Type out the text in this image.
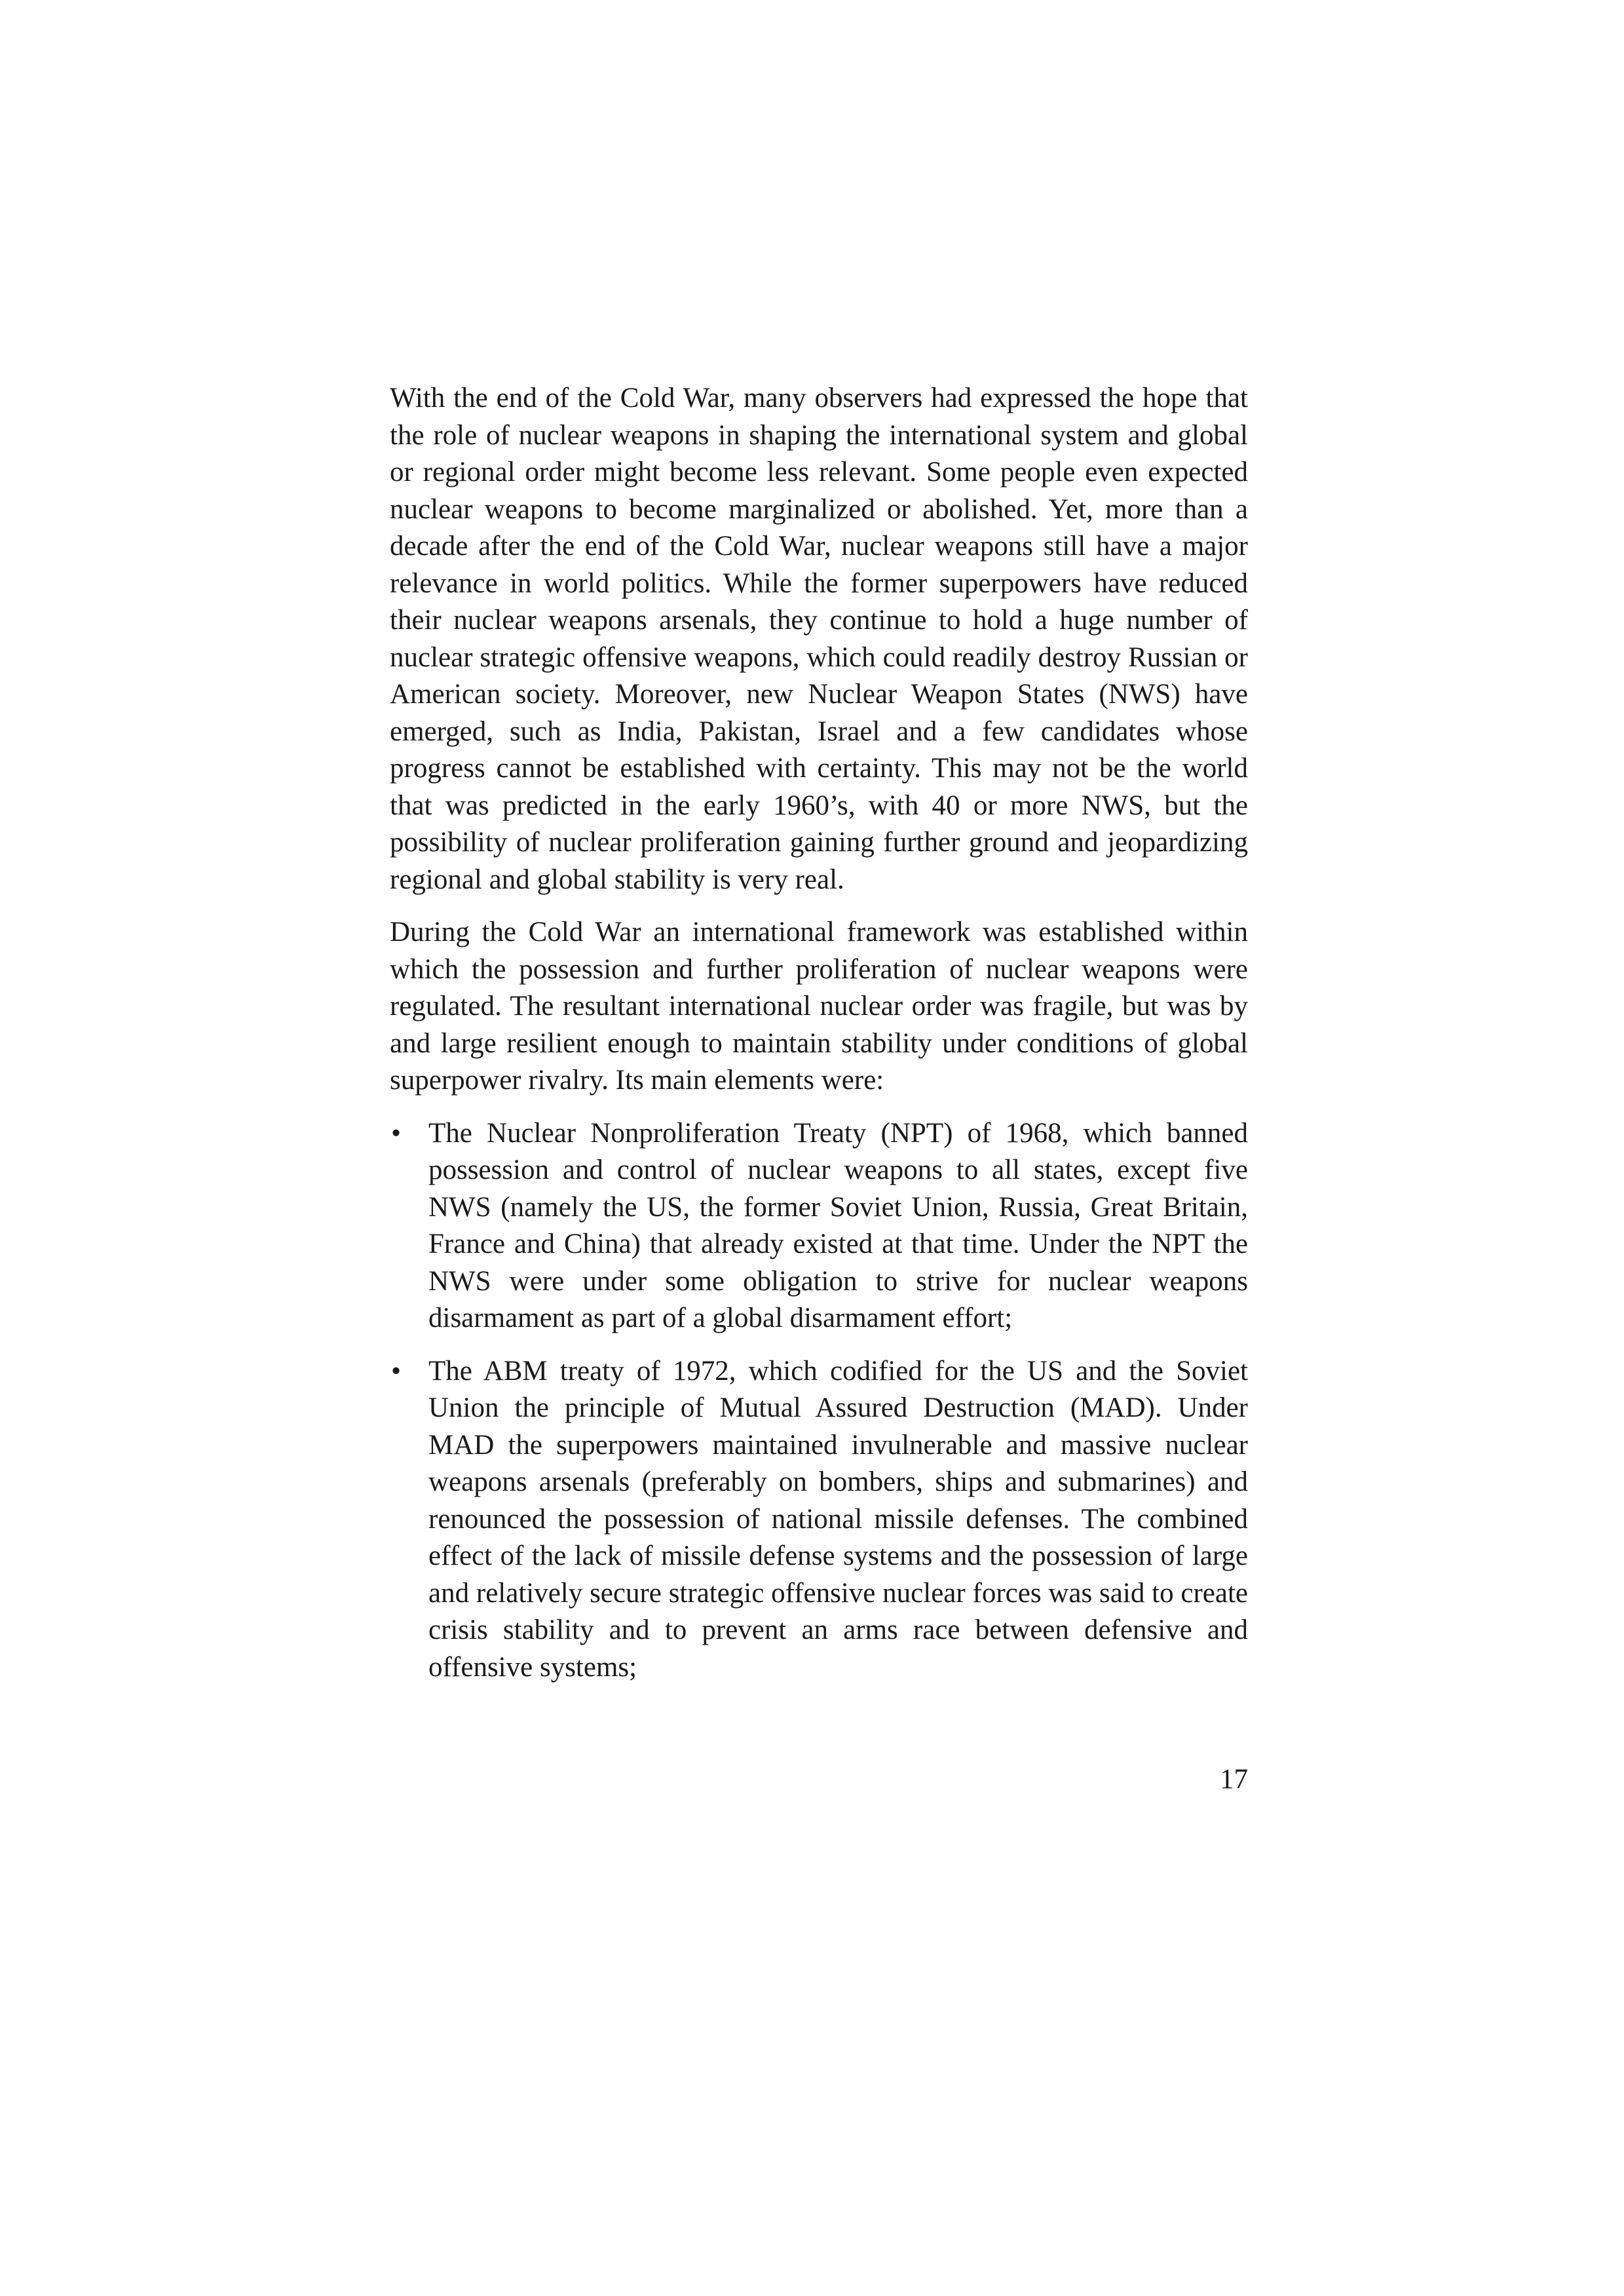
With the end of the Cold War, many observers had expressed the hope that the role of nuclear weapons in shaping the international system and global or regional order might become less relevant. Some people even expected nuclear weapons to become marginalized or abolished. Yet, more than a decade after the end of the Cold War, nuclear weapons still have a major relevance in world politics. While the former superpowers have reduced their nuclear weapons arsenals, they continue to hold a huge number of nuclear strategic offensive weapons, which could readily destroy Russian or American society. Moreover, new Nuclear Weapon States (NWS) have emerged, such as India, Pakistan, Israel and a few candidates whose progress cannot be established with certainty. This may not be the world that was predicted in the early 1960’s, with 40 or more NWS, but the possibility of nuclear proliferation gaining further ground and jeopardizing regional and global stability is very real.

During the Cold War an international framework was established within which the possession and further proliferation of nuclear weapons were regulated. The resultant international nuclear order was fragile, but was by and large resilient enough to maintain stability under conditions of global superpower rivalry. Its main elements were:

• The Nuclear Nonproliferation Treaty (NPT) of 1968, which banned possession and control of nuclear weapons to all states, except five NWS (namely the US, the former Soviet Union, Russia, Great Britain, France and China) that already existed at that time. Under the NPT the NWS were under some obligation to strive for nuclear weapons disarmament as part of a global disarmament effort;
• The ABM treaty of 1972, which codified for the US and the Soviet Union the principle of Mutual Assured Destruction (MAD). Under MAD the superpowers maintained invulnerable and massive nuclear weapons arsenals (preferably on bombers, ships and submarines) and renounced the possession of national missile defenses. The combined effect of the lack of missile defense systems and the possession of large and relatively secure strategic offensive nuclear forces was said to create crisis stability and to prevent an arms race between defensive and offensive systems;
17
